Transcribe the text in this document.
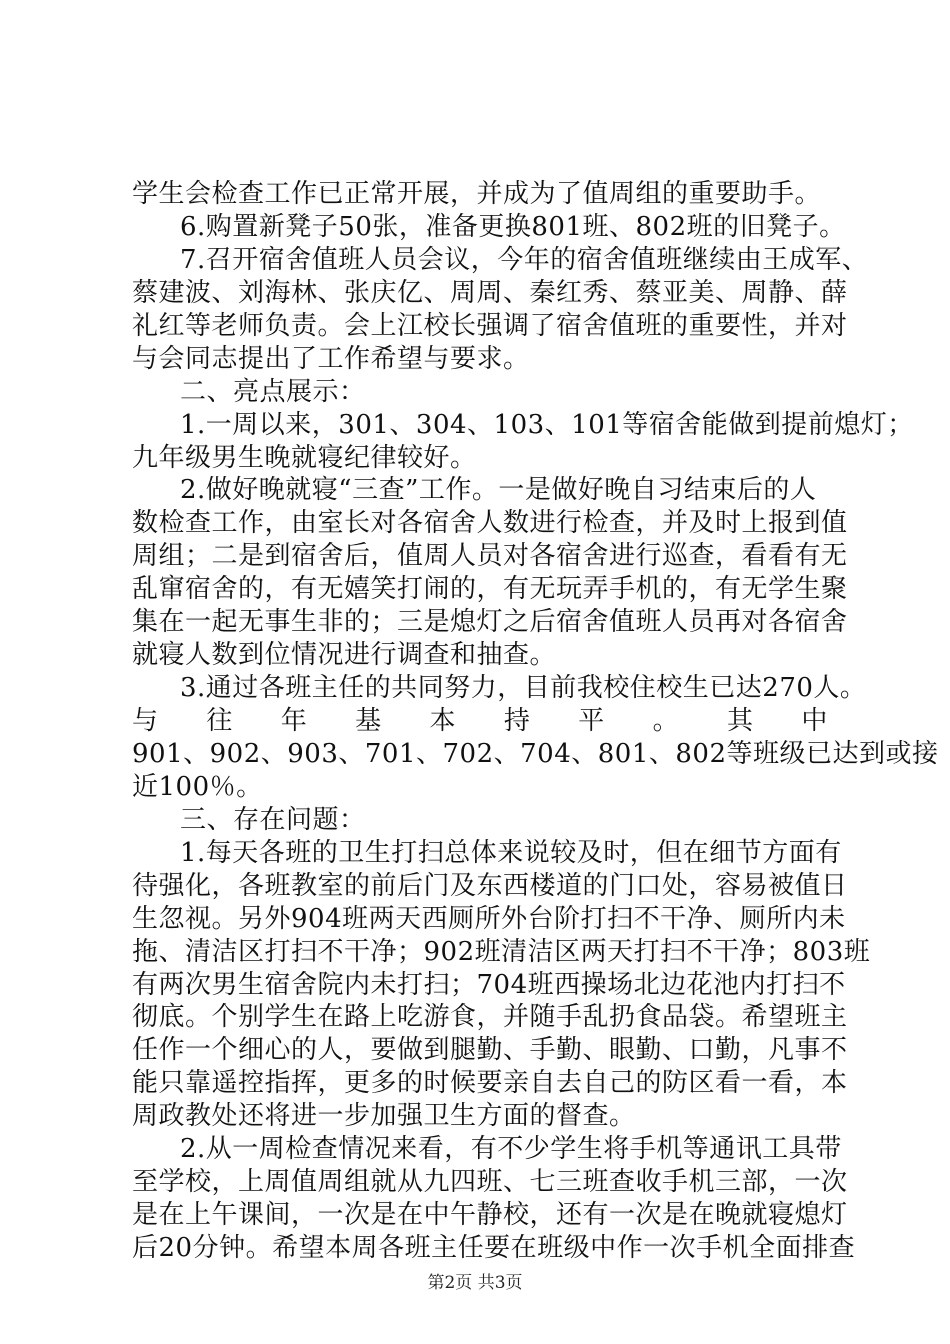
学生会检查工作已正常开展，并成为了值周组的重要助手。
6.购置新凳子50张，准备更换801班、802班的旧凳子。
7.召开宿舍值班人员会议，今年的宿舍值班继续由王成军、
蔡建波、刘海林、张庆亿、周周、秦红秀、蔡亚美、周静、薛
礼红等老师负责。会上江校长强调了宿舍值班的重要性，并对
与会同志提出了工作希望与要求。
二、亮点展示：
1.一周以来，301、304、103、101等宿舍能做到提前熄灯；
九年级男生晚就寝纪律较好。
2.做好晚就寝“三查”工作。一是做好晚自习结束后的人
数检查工作，由室长对各宿舍人数进行检查，并及时上报到值
周组；二是到宿舍后，值周人员对各宿舍进行巡查，看看有无
乱窜宿舍的，有无嬉笑打闹的，有无玩弄手机的，有无学生聚
集在一起无事生非的；三是熄灯之后宿舍值班人员再对各宿舍
就寝人数到位情况进行调查和抽查。
3.通过各班主任的共同努力，目前我校住校生已达270人。
与 往 年 基 本 持 平 。 其 中
901、902、903、701、702、704、801、802等班级已达到或接
近100％。
三、存在问题：
1.每天各班的卫生打扫总体来说较及时，但在细节方面有
待强化，各班教室的前后门及东西楼道的门口处，容易被值日
生忽视。另外904班两天西厕所外台阶打扫不干净、厕所内未
拖、清洁区打扫不干净；902班清洁区两天打扫不干净；803班
有两次男生宿舍院内未打扫；704班西操场北边花池内打扫不
彻底。个别学生在路上吃游食，并随手乱扔食品袋。希望班主
任作一个细心的人，要做到腿勤、手勤、眼勤、口勤，凡事不
能只靠遥控指挥，更多的时候要亲自去自己的防区看一看，本
周政教处还将进一步加强卫生方面的督查。
2.从一周检查情况来看，有不少学生将手机等通讯工具带
至学校，上周值周组就从九四班、七三班查收手机三部，一次
是在上午课间，一次是在中午静校，还有一次是在晚就寝熄灯
后20分钟。希望本周各班主任要在班级中作一次手机全面排查
第2页 共3页
